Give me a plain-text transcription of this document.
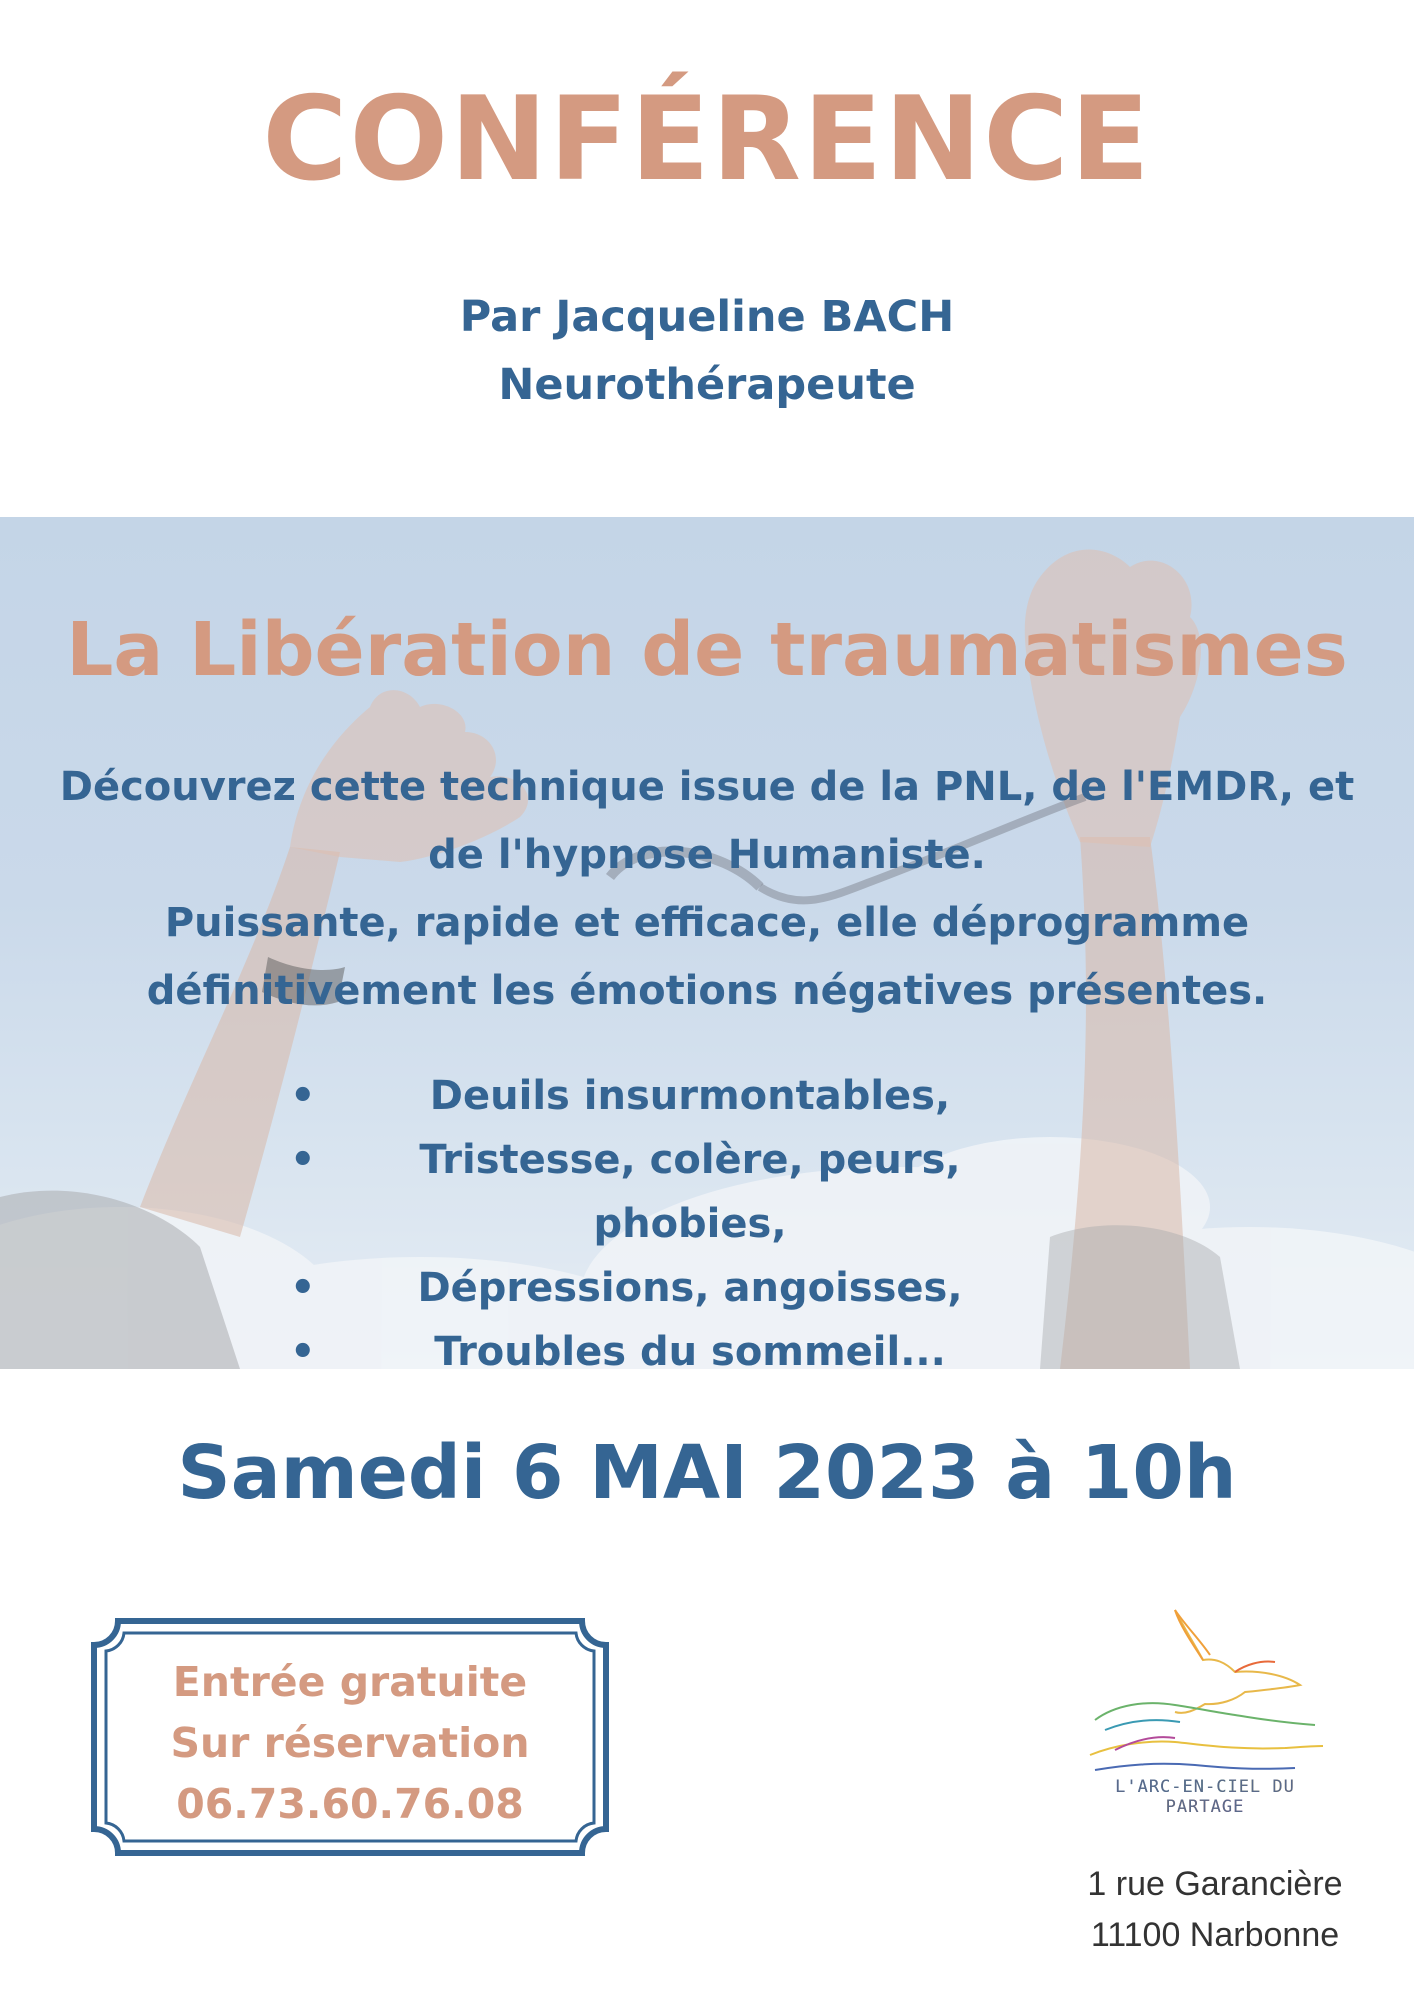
CONFÉRENCE
Par Jacqueline BACH
Neurothérapeute
La Libération de traumatismes
Découvrez cette technique issue de la PNL, de l'EMDR, et
de l'hypnose Humaniste.
Puissante, rapide et efficace, elle déprogramme
définitivement les émotions négatives présentes.
•	Deuils insurmontables,
•	Tristesse, colère, peurs, phobies,
•	Dépressions, angoisses,
•	Troubles du sommeil...
Samedi 6 MAI 2023 à 10h
Entrée gratuite
Sur réservation
06.73.60.76.08	L'ARC-EN-CIEL DU PARTAGE
1 rue Garancière
11100 Narbonne
